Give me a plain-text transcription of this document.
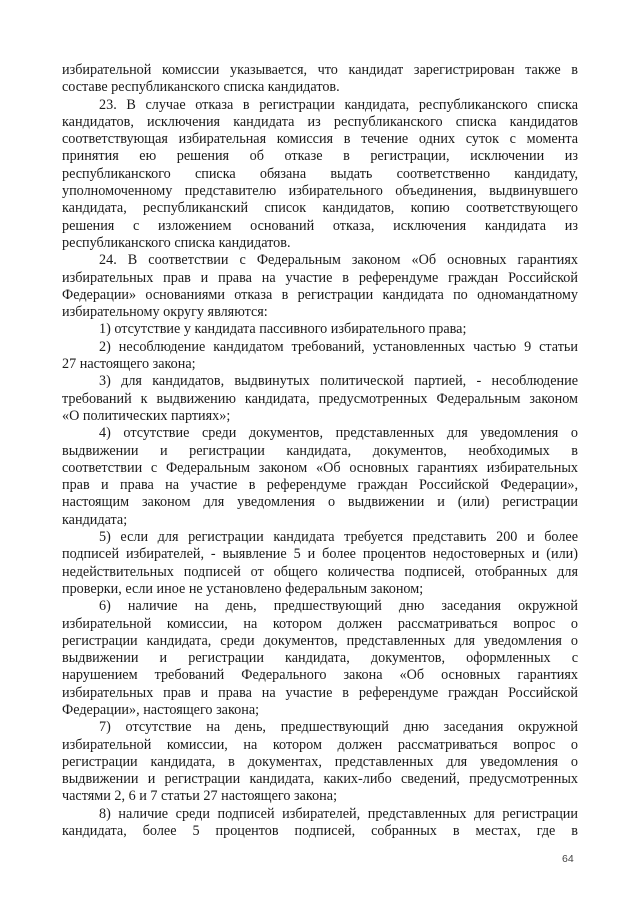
избирательной комиссии указывается, что кандидат зарегистрирован также в

составе республиканского списка кандидатов.

23. В случае отказа в регистрации кандидата, республиканского списка

кандидатов, исключения кандидата из республиканского списка кандидатов

соответствующая избирательная комиссия в течение одних суток с момента

принятия ею решения об отказе в регистрации, исключении из

республиканского списка обязана выдать соответственно кандидату,

уполномоченному представителю избирательного объединения, выдвинувшего

кандидата, республиканский список кандидатов, копию соответствующего

решения с изложением оснований отказа, исключения кандидата из

республиканского списка кандидатов.

24. В соответствии с Федеральным законом «Об основных гарантиях

избирательных прав и права на участие в референдуме граждан Российской

Федерации» основаниями отказа в регистрации кандидата по одномандатному

избирательному округу являются:

1) отсутствие у кандидата пассивного избирательного права;

2) несоблюдение кандидатом требований, установленных частью 9 статьи

27 настоящего закона;

3) для кандидатов, выдвинутых политической партией, - несоблюдение

требований к выдвижению кандидата, предусмотренных Федеральным законом

«О политических партиях»;

4) отсутствие среди документов, представленных для уведомления о

выдвижении и регистрации кандидата, документов, необходимых в

соответствии с Федеральным законом «Об основных гарантиях избирательных

прав и права на участие в референдуме граждан Российской Федерации»,

настоящим законом для уведомления о выдвижении и (или) регистрации

кандидата;

5) если для регистрации кандидата требуется представить 200 и более

подписей избирателей, - выявление 5 и более процентов недостоверных и (или)

недействительных подписей от общего количества подписей, отобранных для

проверки, если иное не установлено федеральным законом;

6) наличие на день, предшествующий дню заседания окружной

избирательной комиссии, на котором должен рассматриваться вопрос о

регистрации кандидата, среди документов, представленных для уведомления о

выдвижении и регистрации кандидата, документов, оформленных с

нарушением требований Федерального закона «Об основных гарантиях

избирательных прав и права на участие в референдуме граждан Российской

Федерации», настоящего закона;

7) отсутствие на день, предшествующий дню заседания окружной

избирательной комиссии, на котором должен рассматриваться вопрос о

регистрации кандидата, в документах, представленных для уведомления о

выдвижении и регистрации кандидата, каких-либо сведений, предусмотренных

частями 2, 6 и 7 статьи 27 настоящего закона;

8) наличие среди подписей избирателей, представленных для регистрации

кандидата, более 5 процентов подписей, собранных в местах, где в

64
